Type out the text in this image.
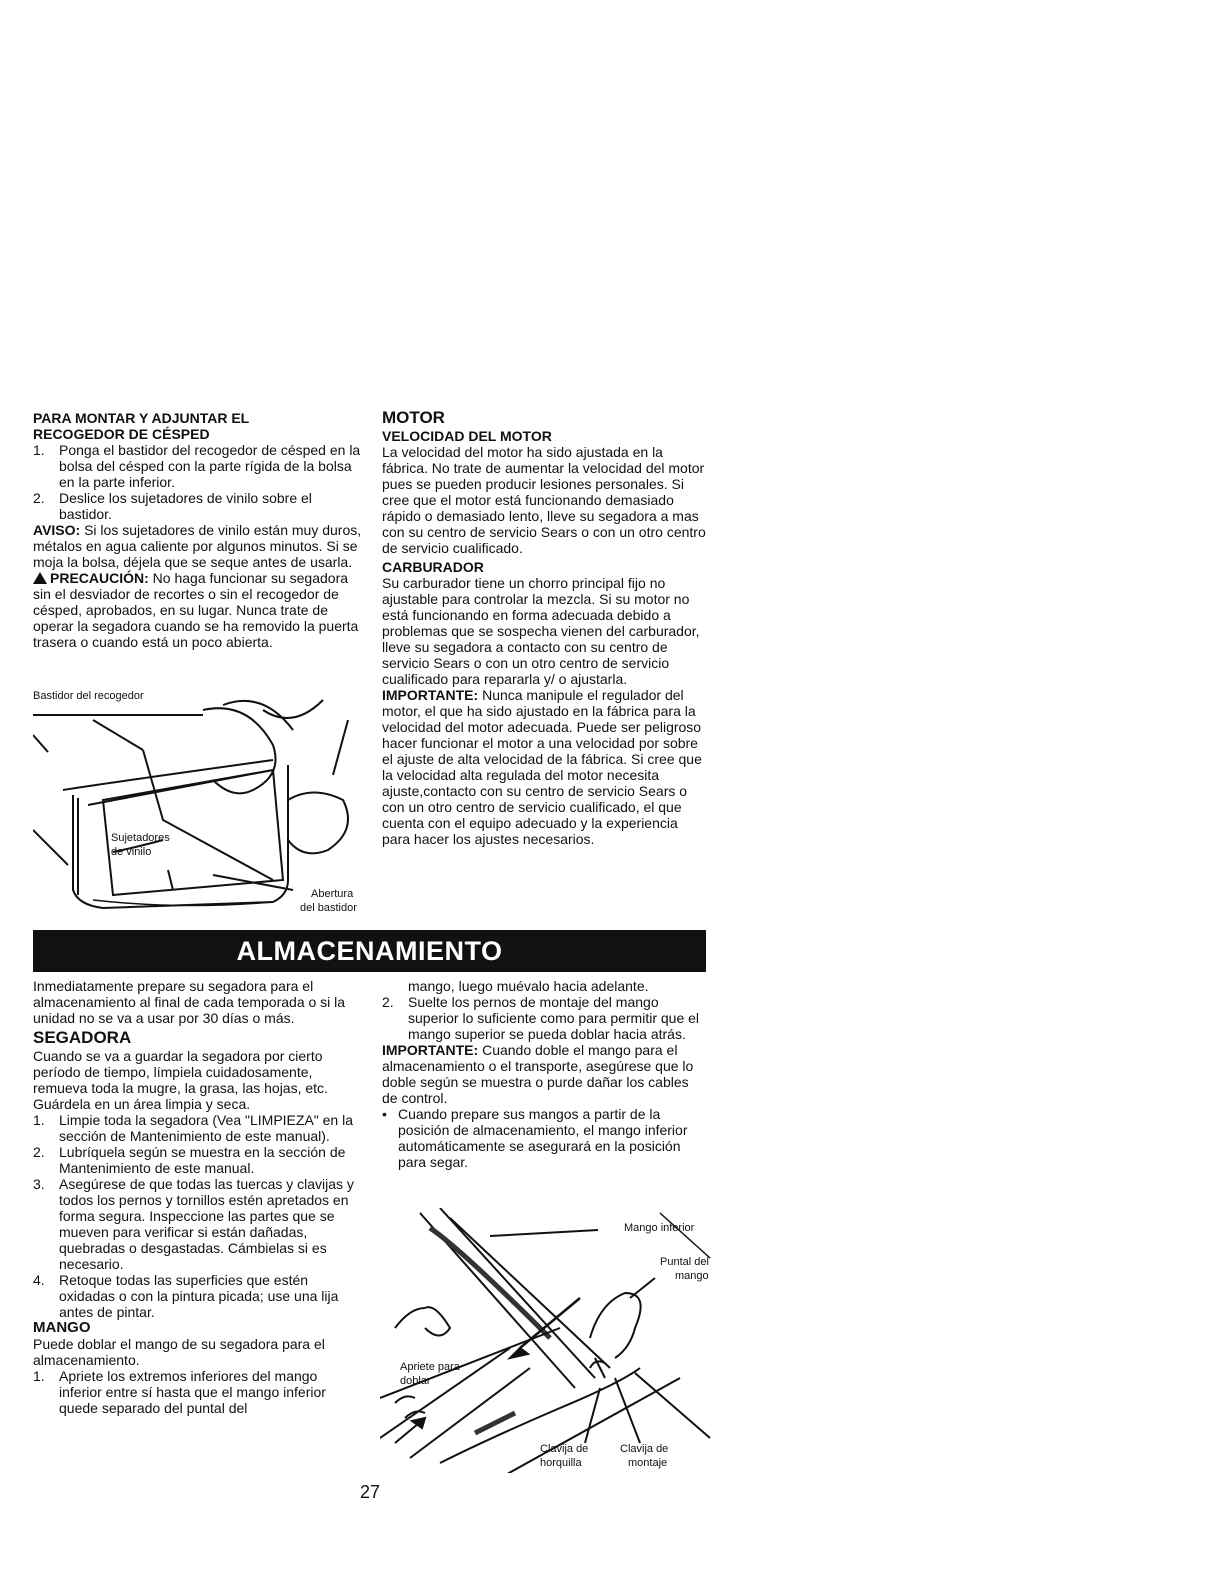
PARA MONTAR Y ADJUNTAR EL

RECOGEDOR DE CÉSPED

1.	Ponga el bastidor del recogedor de césped en la bolsa del césped con la parte rígida de la bolsa en la parte inferior.
2.	Deslice los sujetadores de vinilo sobre el bastidor.

AVISO: Si los sujetadores de vinilo están muy duros, métalos en agua caliente por algunos minutos. Si se moja la bolsa, déjela que se seque antes de usarla.

PRECAUCIÓN: No haga funcionar su segadora sin el desviador de recortes o sin el recogedor de césped, aprobados, en su lugar. Nunca trate de operar la segadora cuando se ha removido la puerta trasera o cuando está un poco abierta.

Bastidor del recogedor
Sujetadores
de vinilo
Abertura
del bastidor

MOTOR

VELOCIDAD DEL MOTOR

La velocidad del motor ha sido ajustada en la fábrica. No trate de aumentar la velocidad del motor pues se pueden producir lesiones personales. Si cree que el motor está funcionando demasiado rápido o demasiado lento, lleve su segadora a mas con su centro de servicio Sears o con un otro centro de servicio cualificado.

CARBURADOR

Su carburador tiene un chorro principal fijo no ajustable para controlar la mezcla. Si su motor no está funcionando en forma adecuada debido a problemas que se sospecha vienen del carburador, lleve su segadora a contacto con su centro de servicio Sears o con un otro centro de servicio cualificado para repararla y/ o ajustarla.

IMPORTANTE: Nunca manipule el regulador del motor, el que ha sido ajustado en la fábrica para la velocidad del motor adecuada. Puede ser peligroso hacer funcionar el motor a una velocidad por sobre el ajuste de alta velocidad de la fábrica. Si cree que la velocidad alta regulada del motor necesita ajuste,contacto con su centro de servicio Sears o con un otro centro de servicio cualificado, el que cuenta con el equipo adecuado y la experiencia para hacer los ajustes necesarios.

ALMACENAMIENTO

Inmediatamente prepare su segadora para el almacenamiento al final de cada temporada o si la unidad no se va a usar por 30 días o más.

SEGADORA

Cuando se va a guardar la segadora por cierto período de tiempo, límpiela cuidadosamente, remueva toda la mugre, la grasa, las hojas, etc. Guárdela en un área limpia y seca.

1.	Limpie toda la segadora (Vea "LIMPIEZA" en la sección de Mantenimiento de este manual).
2.	Lubríquela según se muestra en la sección de Mantenimiento de este manual.
3.	Asegúrese de que todas las tuercas y clavijas y todos los pernos y tornillos estén apretados en forma segura. Inspeccione las partes que se mueven para verificar si están dañadas, quebradas o desgastadas. Cámbielas si es necesario.
4.	Retoque todas las superficies que estén oxidadas o con la pintura picada; use una lija antes de pintar.

MANGO

Puede doblar el mango de su segadora para el almacenamiento.

1.	Apriete los extremos inferiores del mango inferior entre sí hasta que el mango inferior quede separado del puntal del

mango, luego muévalo hacia adelante.

2.	Suelte los pernos de montaje del mango superior lo suficiente como para permitir que el mango superior se pueda doblar hacia atrás.

IMPORTANTE: Cuando doble el mango para el almacenamiento o el transporte, asegúrese que lo doble según se muestra o purde dañar los cables de control.

• Cuando prepare sus mangos a partir de la posición de almacenamiento, el mango inferior automáticamente se asegurará en la posición para segar.
Mango inferior
Puntal del
mango
Apriete para
doblar
Clavija de
horquilla
Clavija de
montaje
27
